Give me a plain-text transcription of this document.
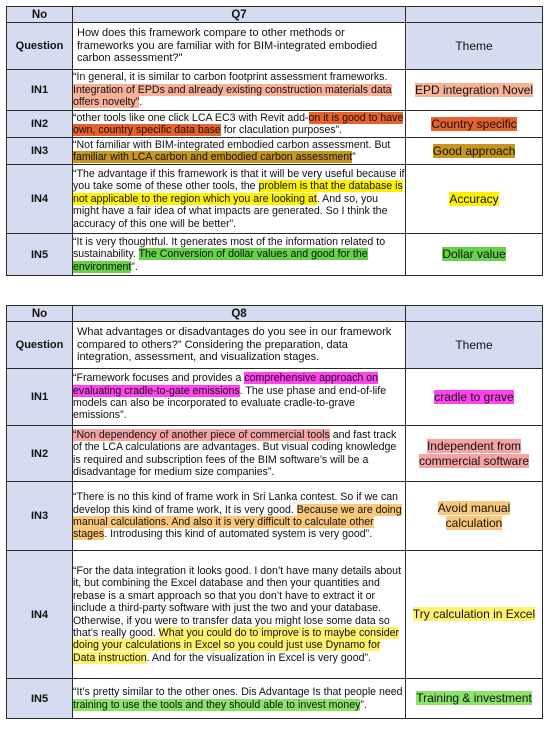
No	Q7	
Question	How does this framework compare to other methods or frameworks you are familiar with for BIM-integrated embodied carbon assessment?"	Theme
IN1	“In general, it is similar to carbon footprint assessment frameworks. Integration of EPDs and already existing construction materials data offers novelty”.	EPD integration Novel
IN2	“other tools like one click LCA EC3 with Revit add-on it is good to have own, country specific data base for claculation purposes”.	Country specific
IN3	“Not familiar with BIM-integrated embodied carbon assessment. But familiar with LCA carbon and embodied carbon assessment”	Good approach
IN4	“The advantage if this framework is that it will be very useful because if you take some of these other tools, the problem is that the database is not applicable to the region which you are looking at. And so, you might have a fair idea of what impacts are generated. So I think the accuracy of this one will be better”.	Accuracy
IN5	“It is very thoughtful. It generates most of the information related to sustainability. The Conversion of dollar values and good for the environment”.	Dollar value
No	Q8	
Question	What advantages or disadvantages do you see in our framework compared to others?” Considering the preparation, data integration, assessment, and visualization stages.	Theme
IN1	“Framework focuses and provides a comprehensive approach on evaluating cradle-to-gate emissions. The use phase and end-of-life models can also be incorporated to evaluate cradle-to-grave emissions”.	cradle to grave
IN2	“Non dependency of another piece of commercial tools and fast track of the LCA calculations are advantages. But visual coding knowledge is required and subscription fees of the BIM software’s will be a disadvantage for medium size companies”.	Independent from
commercial software
IN3	“There is no this kind of frame work in Sri Lanka contest. So if we can develop this kind of frame work, It is very good. Because we are doing manual calculations. And also it is very difficult to calculate other stages. Introdusing this kind of automated system is very good”.	Avoid manual
calculation
IN4	“For the data integration it looks good. I don’t have many details about it, but combining the Excel database and then your quantities and rebase is a smart approach so that you don’t have to extract it or include a third-party software with just the two and your database. Otherwise, if you were to transfer data you might lose some data so that’s really good. What you could do to improve is to maybe consider doing your calculations in Excel so you could just use Dynamo for Data instruction. And for the visualization in Excel is very good”.	Try calculation in Excel
IN5	“It’s pretty similar to the other ones. Dis Advantage Is that people need training to use the tools and they should able to invest money”.	Training & investment
